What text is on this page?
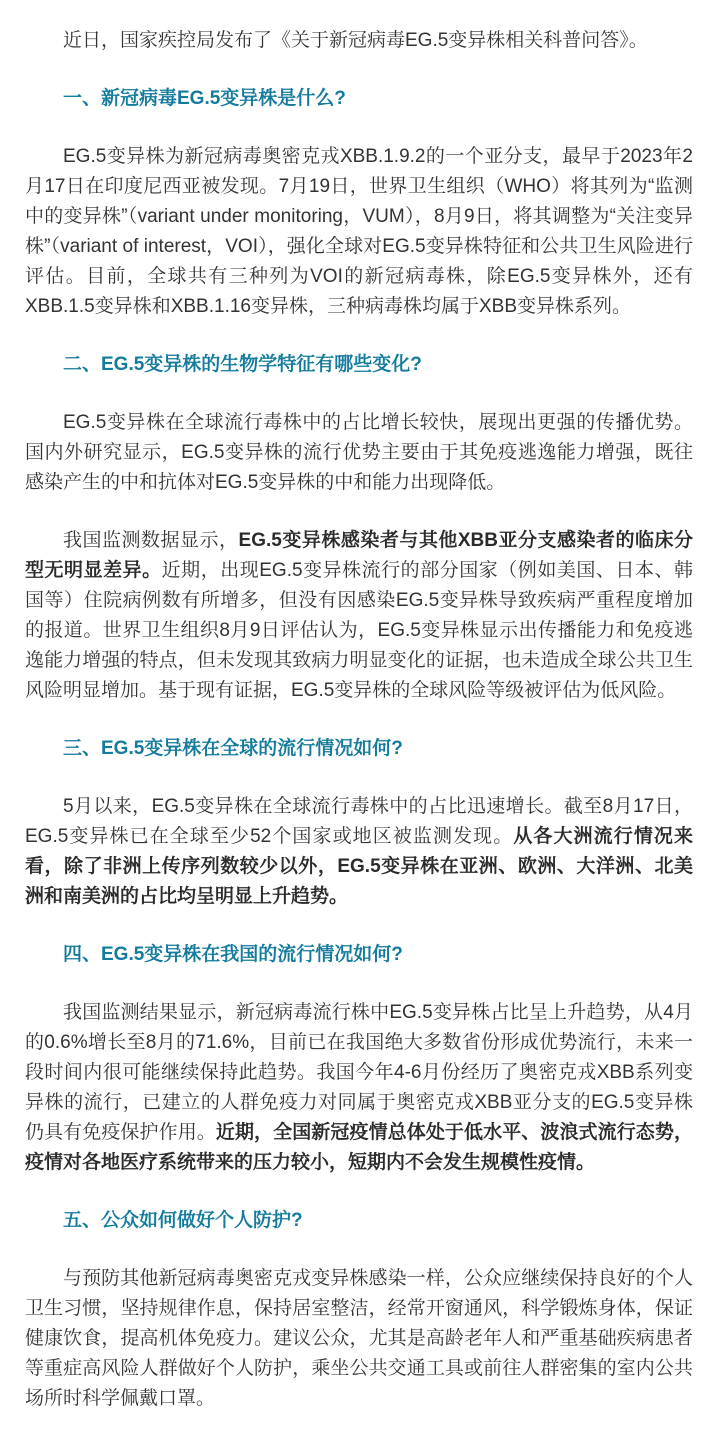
近日，国家疾控局发布了《关于新冠病毒EG.5变异株相关科普问答》。

一、新冠病毒EG.5变异株是什么?

EG.5变异株为新冠病毒奥密克戎XBB.1.9.2的一个亚分支，最早于2023年2月17日在印度尼西亚被发现。7月19日，世界卫生组织（WHO）将其列为“监测中的变异株”（variant under monitoring，VUM），8月9日，将其调整为“关注变异株”（variant of interest，VOI），强化全球对EG.5变异株特征和公共卫生风险进行评估。目前，全球共有三种列为VOI的新冠病毒株，除EG.5变异株外，还有XBB.1.5变异株和XBB.1.16变异株，三种病毒株均属于XBB变异株系列。

二、EG.5变异株的生物学特征有哪些变化?

EG.5变异株在全球流行毒株中的占比增长较快，展现出更强的传播优势。国内外研究显示，EG.5变异株的流行优势主要由于其免疫逃逸能力增强，既往感染产生的中和抗体对EG.5变异株的中和能力出现降低。

我国监测数据显示，EG.5变异株感染者与其他XBB亚分支感染者的临床分型无明显差异。近期，出现EG.5变异株流行的部分国家（例如美国、日本、韩国等）住院病例数有所增多，但没有因感染EG.5变异株导致疾病严重程度增加的报道。世界卫生组织8月9日评估认为，EG.5变异株显示出传播能力和免疫逃逸能力增强的特点，但未发现其致病力明显变化的证据，也未造成全球公共卫生风险明显增加。基于现有证据，EG.5变异株的全球风险等级被评估为低风险。

三、EG.5变异株在全球的流行情况如何?

5月以来，EG.5变异株在全球流行毒株中的占比迅速增长。截至8月17日，EG.5变异株已在全球至少52个国家或地区被监测发现。从各大洲流行情况来看，除了非洲上传序列数较少以外，EG.5变异株在亚洲、欧洲、大洋洲、北美洲和南美洲的占比均呈明显上升趋势。

四、EG.5变异株在我国的流行情况如何?

我国监测结果显示，新冠病毒流行株中EG.5变异株占比呈上升趋势，从4月的0.6%增长至8月的71.6%，目前已在我国绝大多数省份形成优势流行，未来一段时间内很可能继续保持此趋势。我国今年4-6月份经历了奥密克戎XBB系列变异株的流行，已建立的人群免疫力对同属于奥密克戎XBB亚分支的EG.5变异株仍具有免疫保护作用。近期，全国新冠疫情总体处于低水平、波浪式流行态势，疫情对各地医疗系统带来的压力较小，短期内不会发生规模性疫情。

五、公众如何做好个人防护?

与预防其他新冠病毒奥密克戎变异株感染一样，公众应继续保持良好的个人卫生习惯，坚持规律作息，保持居室整洁，经常开窗通风，科学锻炼身体，保证健康饮食，提高机体免疫力。建议公众，尤其是高龄老年人和严重基础疾病患者等重症高风险人群做好个人防护，乘坐公共交通工具或前往人群密集的室内公共场所时科学佩戴口罩。
